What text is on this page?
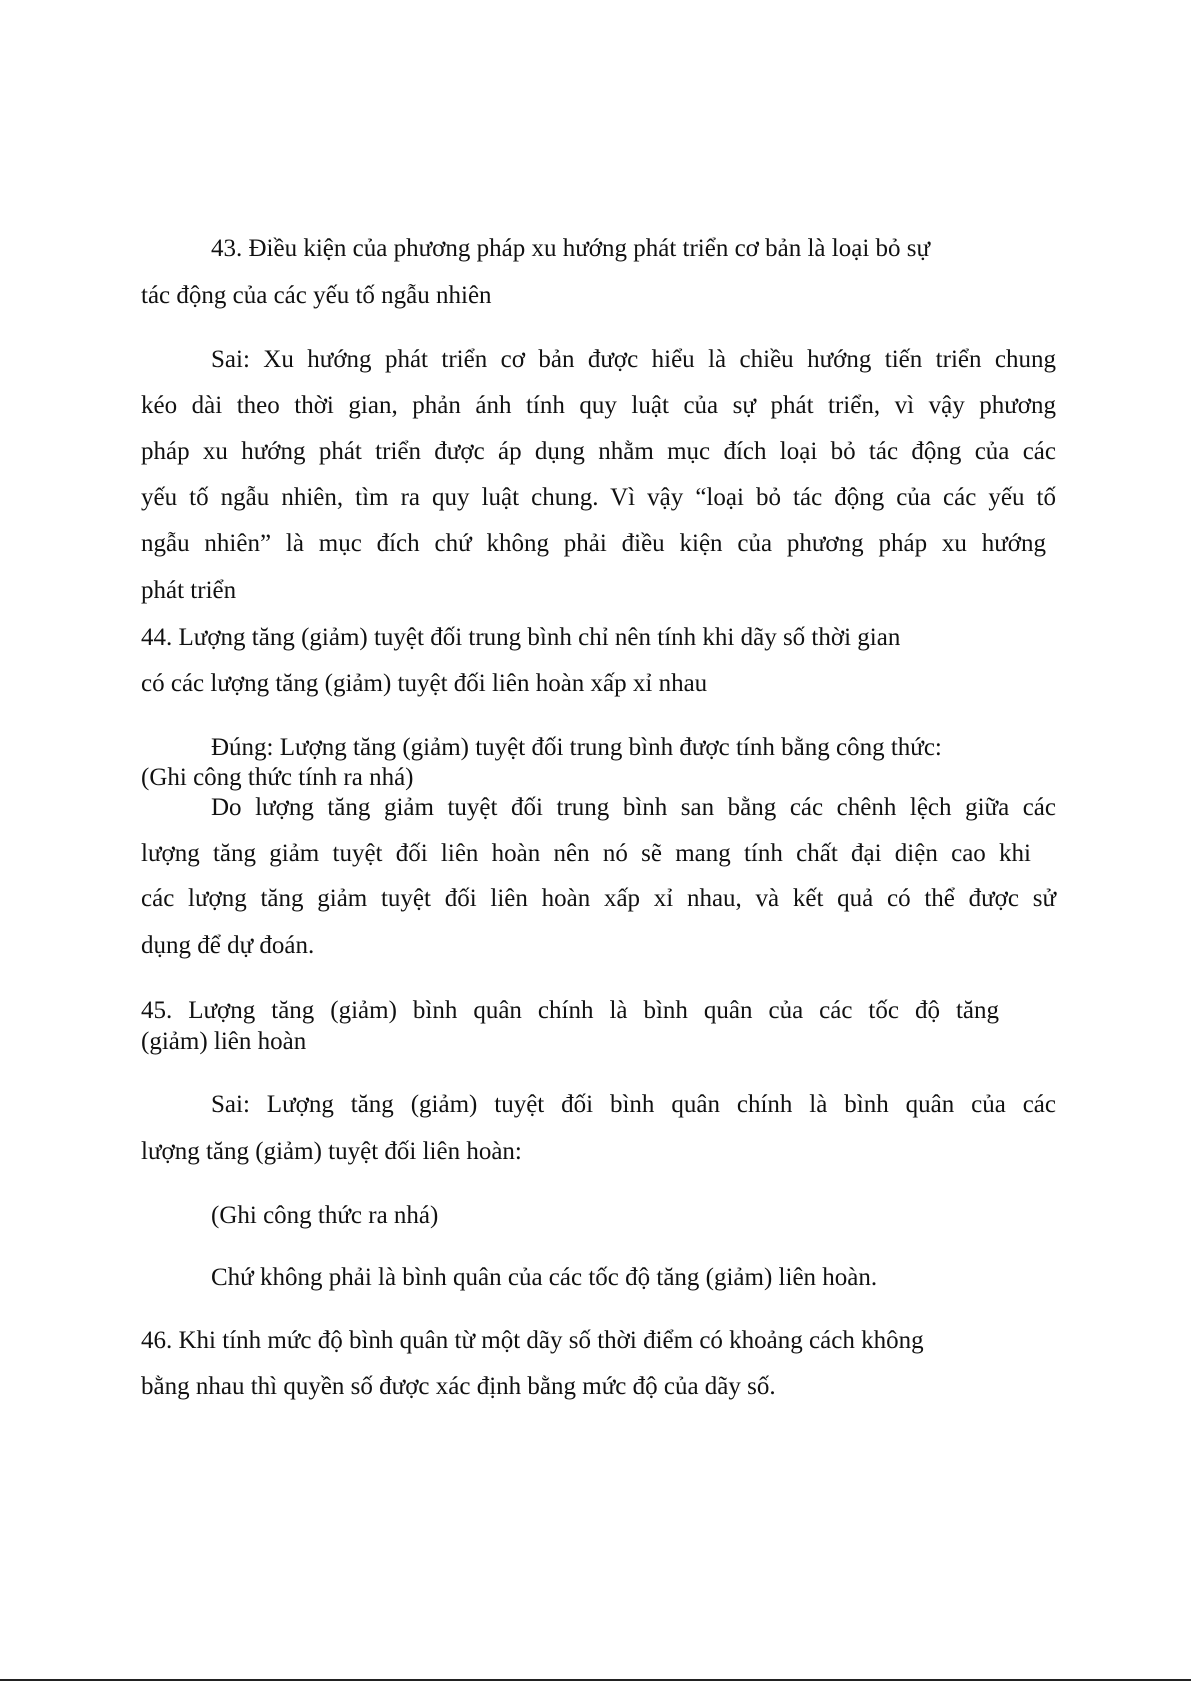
43. Điều kiện của phương pháp xu hướng phát triển cơ bản là loại bỏ sự
tác động của các yếu tố ngẫu nhiên
Sai: Xu hướng phát triển cơ bản được hiểu là chiều hướng tiến triển chung
kéo dài theo thời gian, phản ánh tính quy luật của sự phát triển, vì vậy phương
pháp xu hướng phát triển được áp dụng nhằm mục đích loại bỏ tác động của các
yếu tố ngẫu nhiên, tìm ra quy luật chung. Vì vậy “loại bỏ tác động của các yếu tố
ngẫu nhiên” là mục đích chứ không phải điều kiện của phương pháp xu hướng
phát triển
44. Lượng tăng (giảm) tuyệt đối trung bình chỉ nên tính khi dãy số thời gian
có các lượng tăng (giảm) tuyệt đối liên hoàn xấp xỉ nhau
Đúng: Lượng tăng (giảm) tuyệt đối trung bình được tính bằng công thức:
(Ghi công thức tính ra nhá)
Do lượng tăng giảm tuyệt đối trung bình san bằng các chênh lệch giữa các
lượng tăng giảm tuyệt đối liên hoàn nên nó sẽ mang tính chất đại diện cao khi
các lượng tăng giảm tuyệt đối liên hoàn xấp xỉ nhau, và kết quả có thể được sử
dụng để dự đoán.
45. Lượng tăng (giảm) bình quân chính là bình quân của các tốc độ tăng
(giảm) liên hoàn
Sai: Lượng tăng (giảm) tuyệt đối bình quân chính là bình quân của các
lượng tăng (giảm) tuyệt đối liên hoàn:
(Ghi công thức ra nhá)
Chứ không phải là bình quân của các tốc độ tăng (giảm) liên hoàn.
46. Khi tính mức độ bình quân từ một dãy số thời điểm có khoảng cách không
bằng nhau thì quyền số được xác định bằng mức độ của dãy số.
